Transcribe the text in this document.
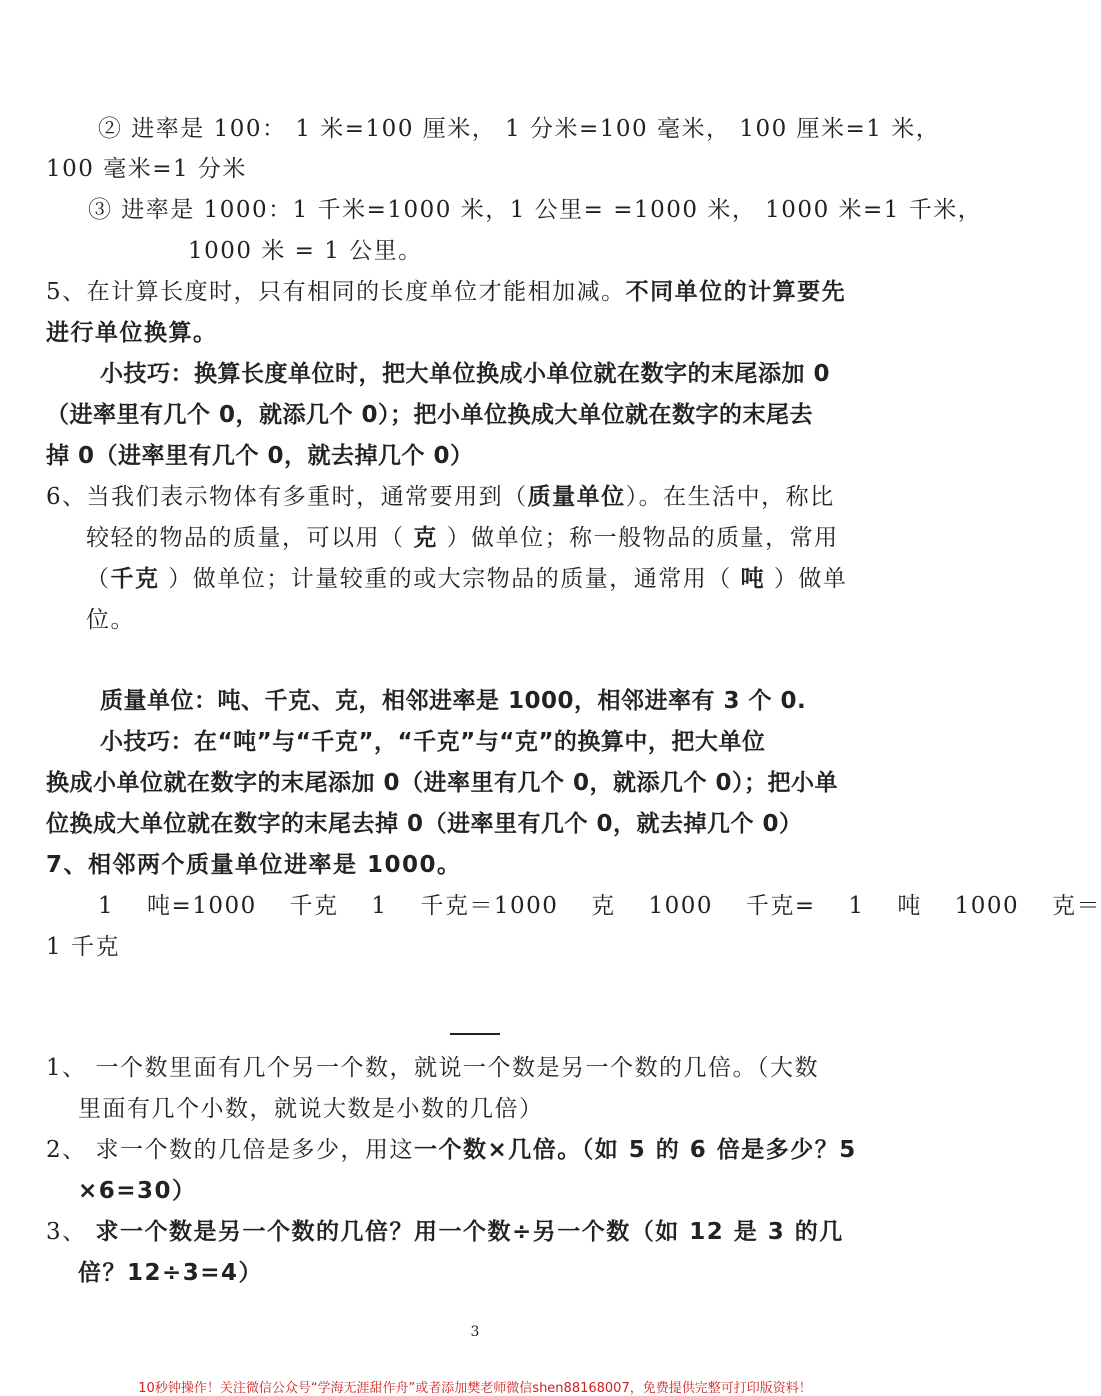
② 进率是 100： 1 米=100 厘米， 1 分米=100 毫米， 100 厘米=1 米，
100 毫米=1 分米
③ 进率是 1000：1 千米=1000 米，1 公里= =1000 米， 1000 米=1 千米，
1000 米 = 1 公里。
5、在计算长度时，只有相同的长度单位才能相加减。不同单位的计算要先
进行单位换算。
小技巧：换算长度单位时，把大单位换成小单位就在数字的末尾添加 0
（进率里有几个 0，就添几个 0）；把小单位换成大单位就在数字的末尾去
掉 0（进率里有几个 0，就去掉几个 0）
6、当我们表示物体有多重时，通常要用到（质量单位）。在生活中，称比
较轻的物品的质量，可以用（ 克 ）做单位；称一般物品的质量，常用
（千克 ）做单位；计量较重的或大宗物品的质量，通常用（ 吨 ）做单
位。
质量单位：吨、千克、克，相邻进率是 1000，相邻进率有 3 个 0.
小技巧：在“吨”与“千克”，“千克”与“克”的换算中，把大单位
换成小单位就在数字的末尾添加 0（进率里有几个 0，就添几个 0）；把小单
位换成大单位就在数字的末尾去掉 0（进率里有几个 0，就去掉几个 0）
7、相邻两个质量单位进率是 1000。
1 吨=1000 千克 1 千克＝1000 克 1000 千克= 1 吨 1000 克＝
1 千克
1、 一个数里面有几个另一个数，就说一个数是另一个数的几倍。（大数
里面有几个小数，就说大数是小数的几倍）
2、 求一个数的几倍是多少，用这一个数×几倍。（如 5 的 6 倍是多少？5
×6=30）
3、 求一个数是另一个数的几倍？用一个数÷另一个数（如 12 是 3 的几
倍？12÷3=4）
3
10秒钟操作！关注微信公众号“学海无涯甜作舟”或者添加樊老师微信shen88168007，免费提供完整可打印版资料！
